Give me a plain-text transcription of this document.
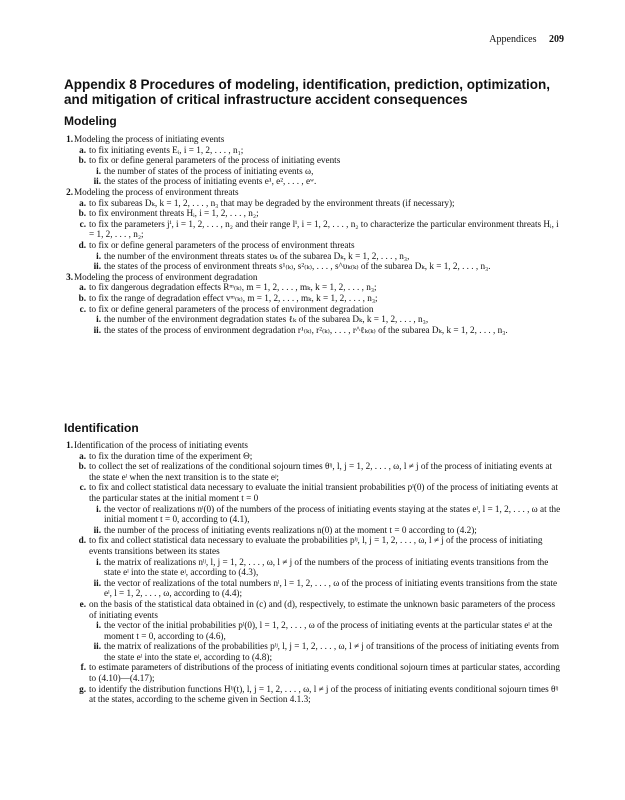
Appendices 209
Appendix 8 Procedures of modeling, identification, prediction, optimization, and mitigation of critical infrastructure accident consequences
Modeling
1. Modeling the process of initiating events
a. to fix initiating events Eᵢ, i = 1, 2, . . . , n₁;
b. to fix or define general parameters of the process of initiating events
i. the number of states of the process of initiating events ω,
ii. the states of the process of initiating events e¹, e², . . . , eʷ.
2. Modeling the process of environment threats
a. to fix subareas Dₖ, k = 1, 2, . . . , n₃ that may be degraded by the environment threats (if necessary);
b. to fix environment threats Hᵢ, i = 1, 2, . . . , n₂;
c. to fix the parameters jⁱ, i = 1, 2, . . . , n₂ and their range lⁱ, i = 1, 2, . . . , n₂ to characterize the particular environment threats Hᵢ, i = 1, 2, . . . , n₂;
d. to fix or define general parameters of the process of environment threats
i. the number of the environment threats states υₖ of the subarea Dₖ, k = 1, 2, . . . , n₃,
ii. the states of the process of environment threats s¹₍ₖ₎, s²₍ₖ₎, . . . , s^υₖ₍ₖ₎ of the subarea Dₖ, k = 1, 2, . . . , n₃.
3. Modeling the process of environment degradation
a. to fix dangerous degradation effects Rᵐ₍ₖ₎, m = 1, 2, . . . , mₖ, k = 1, 2, . . . , n₃;
b. to fix the range of degradation effect vᵐ₍ₖ₎, m = 1, 2, . . . , mₖ, k = 1, 2, . . . , n₃;
c. to fix or define general parameters of the process of environment degradation
i. the number of the environment degradation states ℓₖ of the subarea Dₖ, k = 1, 2, . . . , n₃,
ii. the states of the process of environment degradation r¹₍ₖ₎, r²₍ₖ₎, . . . , r^ℓₖ₍ₖ₎ of the subarea Dₖ, k = 1, 2, . . . , n₃.
Identification
1. Identification of the process of initiating events
a. to fix the duration time of the experiment Θ;
b. to collect the set of realizations of the conditional sojourn times θˡʲ, l, j = 1, 2, . . . , ω, l ≠ j of the process of initiating events at the state eˡ when the next transition is to the state eʲ;
c. to fix and collect statistical data necessary to evaluate the initial transient probabilities pˡ(0) of the process of initiating events at the particular states at the initial moment t = 0
i. the vector of realizations nˡ(0) of the numbers of the process of initiating events staying at the states eˡ, l = 1, 2, . . . , ω at the initial moment t = 0, according to (4.1),
ii. the number of the process of initiating events realizations n(0) at the moment t = 0 according to (4.2);
d. to fix and collect statistical data necessary to evaluate the probabilities pˡʲ, l, j = 1, 2, . . . , ω, l ≠ j of the process of initiating events transitions between its states
i. the matrix of realizations nˡʲ, l, j = 1, 2, . . . , ω, l ≠ j of the numbers of the process of initiating events transitions from the state eˡ into the state eʲ, according to (4.3),
ii. the vector of realizations of the total numbers nˡ, l = 1, 2, . . . , ω of the process of initiating events transitions from the state eˡ, l = 1, 2, . . . , ω, according to (4.4);
e. on the basis of the statistical data obtained in (c) and (d), respectively, to estimate the unknown basic parameters of the process of initiating events
i. the vector of the initial probabilities pˡ(0), l = 1, 2, . . . , ω of the process of initiating events at the particular states eˡ at the moment t = 0, according to (4.6),
ii. the matrix of realizations of the probabilities pˡʲ, l, j = 1, 2, . . . , ω, l ≠ j of transitions of the process of initiating events from the state eˡ into the state eʲ, according to (4.8);
f. to estimate parameters of distributions of the process of initiating events conditional sojourn times at particular states, according to (4.10)—(4.17);
g. to identify the distribution functions Hˡʲ(t), l, j = 1, 2, . . . , ω, l ≠ j of the process of initiating events conditional sojourn times θˡʲ at the states, according to the scheme given in Section 4.1.3;
